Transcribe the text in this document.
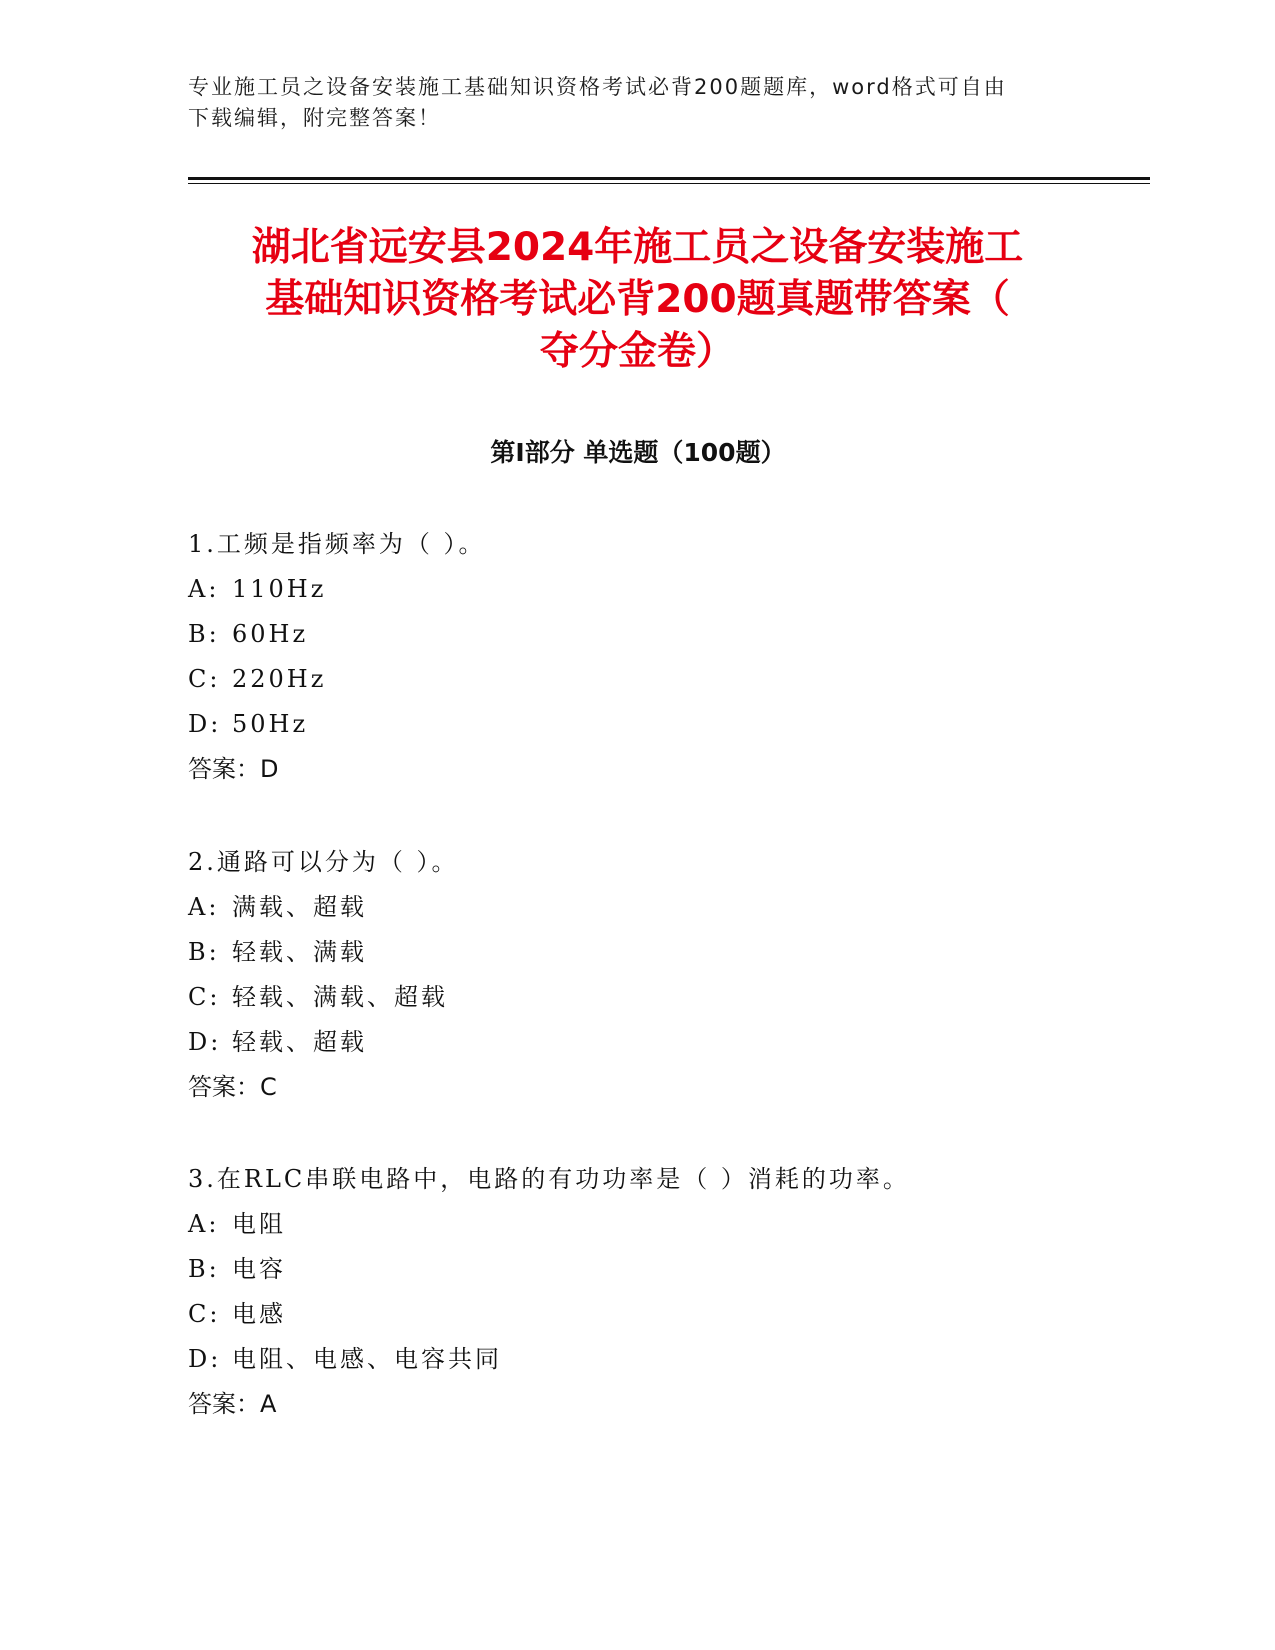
专业施工员之设备安装施工基础知识资格考试必背200题题库，word格式可自由
下载编辑，附完整答案！
湖北省远安县2024年施工员之设备安装施工
基础知识资格考试必背200题真题带答案（
夺分金卷）
第Ⅰ部分 单选题（100题）
1.工频是指频率为（ ）。
A: 110Hz
B: 60Hz
C: 220Hz
D: 50Hz
答案：D
2.通路可以分为（ ）。
A: 满载、超载
B: 轻载、满载
C: 轻载、满载、超载
D: 轻载、超载
答案：C
3.在RLC串联电路中，电路的有功功率是（ ）消耗的功率。
A: 电阻
B: 电容
C: 电感
D: 电阻、电感、电容共同
答案：A
